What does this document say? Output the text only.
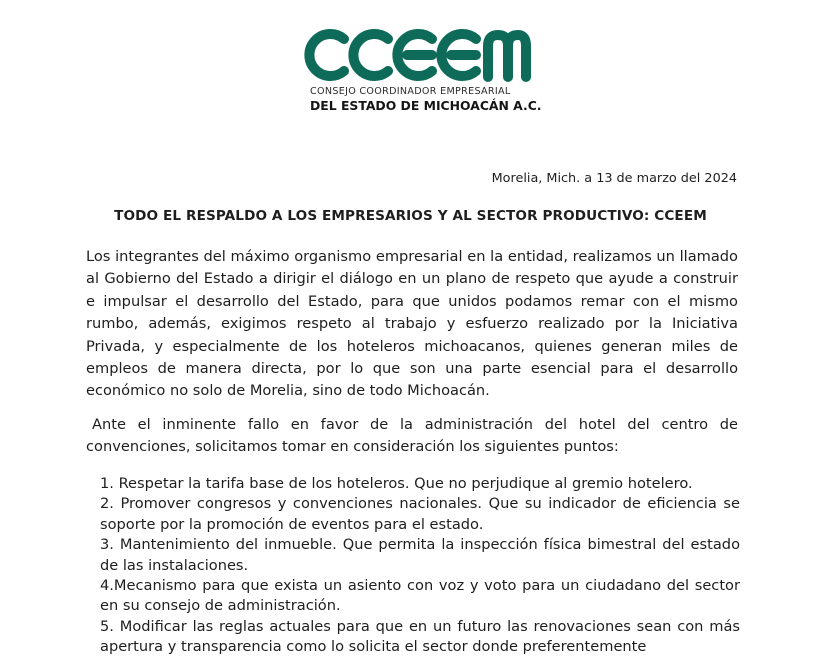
CCEEM
CONSEJO COORDINADOR EMPRESARIAL
DEL ESTADO DE MICHOACÁN A.C.
Morelia, Mich. a 13 de marzo del 2024
TODO EL RESPALDO A LOS EMPRESARIOS Y AL SECTOR PRODUCTIVO: CCEEM
Los integrantes del máximo organismo empresarial en la entidad, realizamos un llamado al Gobierno del Estado a dirigir el diálogo en un plano de respeto que ayude a construir e impulsar el desarrollo del Estado, para que unidos podamos remar con el mismo rumbo, además, exigimos respeto al trabajo y esfuerzo realizado por la Iniciativa Privada, y especialmente de los hoteleros michoacanos, quienes generan miles de empleos de manera directa, por lo que son una parte esencial para el desarrollo económico no solo de Morelia, sino de todo Michoacán.
Ante el inminente fallo en favor de la administración del hotel del centro de convenciones, solicitamos tomar en consideración los siguientes puntos:
1. Respetar la tarifa base de los hoteleros. Que no perjudique al gremio hotelero.
2. Promover congresos y convenciones nacionales. Que su indicador de eficiencia se soporte por la promoción de eventos para el estado.
3. Mantenimiento del inmueble. Que permita la inspección física bimestral del estado de las instalaciones.
4.Mecanismo para que exista un asiento con voz y voto para un ciudadano del sector en su consejo de administración.
5. Modificar las reglas actuales para que en un futuro las renovaciones sean con más apertura y transparencia como lo solicita el sector donde preferentemente
